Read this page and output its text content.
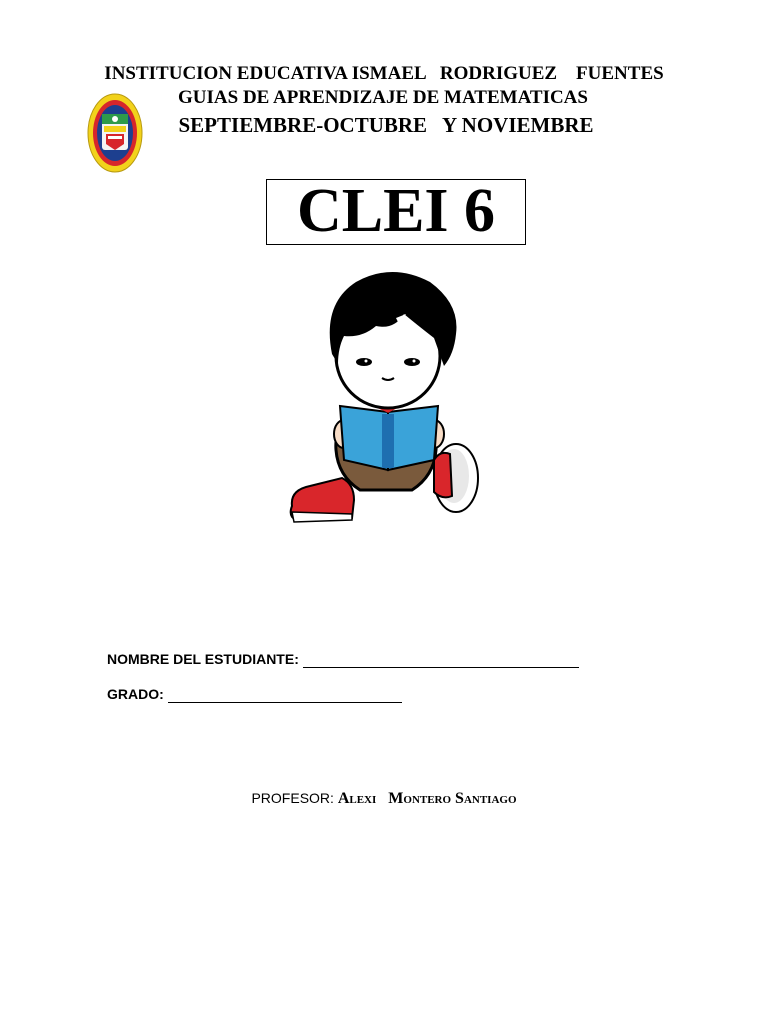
INSTITUCION EDUCATIVA ISMAEL   RODRIGUEZ    FUENTES
GUIAS DE APRENDIZAJE DE MATEMATICAS
SEPTIEMBRE-OCTUBRE   Y NOVIEMBRE
CLEI 6
NOMBRE DEL ESTUDIANTE:
GRADO:
PROFESOR: Alexi   Montero Santiago
